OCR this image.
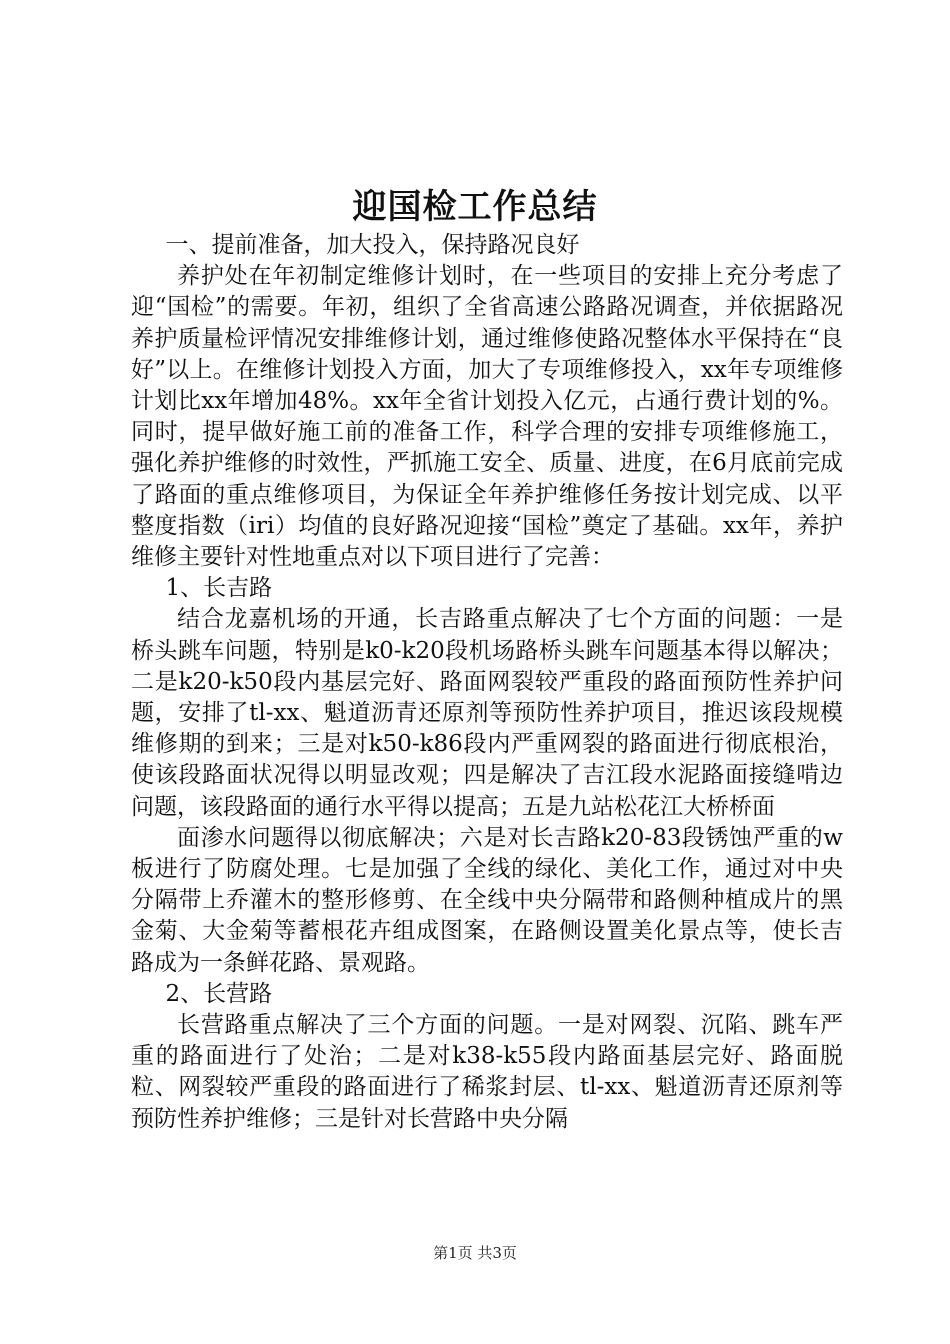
迎国检工作总结

一、提前准备，加大投入，保持路况良好

养护处在年初制定维修计划时，在一些项目的安排上充分考虑了迎“国检”的需要。年初，组织了全省高速公路路况调查，并依据路况养护质量检评情况安排维修计划，通过维修使路况整体水平保持在“良好”以上。在维修计划投入方面，加大了专项维修投入，xx年专项维修计划比xx年增加48%。xx年全省计划投入亿元，占通行费计划的%。同时，提早做好施工前的准备工作，科学合理的安排专项维修施工，强化养护维修的时效性，严抓施工安全、质量、进度，在6月底前完成了路面的重点维修项目，为保证全年养护维修任务按计划完成、以平整度指数（iri）均值的良好路况迎接“国检”奠定了基础。xx年，养护维修主要针对性地重点对以下项目进行了完善：

1、长吉路

结合龙嘉机场的开通，长吉路重点解决了七个方面的问题：一是桥头跳车问题，特别是k0-k20段机场路桥头跳车问题基本得以解决；二是k20-k50段内基层完好、路面网裂较严重段的路面预防性养护问题，安排了tl-xx、魁道沥青还原剂等预防性养护项目，推迟该段规模维修期的到来；三是对k50-k86段内严重网裂的路面进行彻底根治，使该段路面状况得以明显改观；四是解决了吉江段水泥路面接缝啃边问题，该段路面的通行水平得以提高；五是九站松花江大桥桥面

面渗水问题得以彻底解决；六是对长吉路k20-83段锈蚀严重的w板进行了防腐处理。七是加强了全线的绿化、美化工作，通过对中央分隔带上乔灌木的整形修剪、在全线中央分隔带和路侧种植成片的黑金菊、大金菊等蓄根花卉组成图案，在路侧设置美化景点等，使长吉路成为一条鲜花路、景观路。

2、长营路

长营路重点解决了三个方面的问题。一是对网裂、沉陷、跳车严重的路面进行了处治；二是对k38-k55段内路面基层完好、路面脱粒、网裂较严重段的路面进行了稀浆封层、tl-xx、魁道沥青还原剂等预防性养护维修；三是针对长营路中央分隔

第1页 共3页
